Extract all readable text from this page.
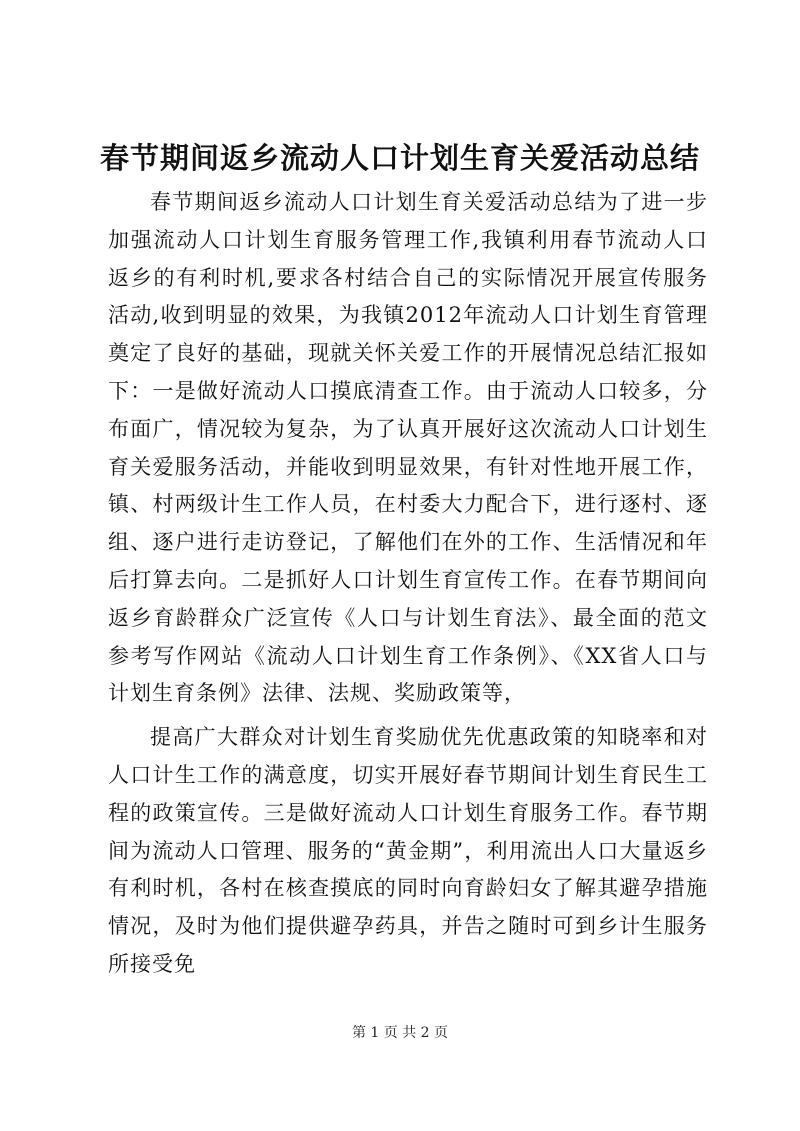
春节期间返乡流动人口计划生育关爱活动总结

春节期间返乡流动人口计划生育关爱活动总结为了进一步加强流动人口计划生育服务管理工作,我镇利用春节流动人口返乡的有利时机,要求各村结合自己的实际情况开展宣传服务活动,收到明显的效果，为我镇2012年流动人口计划生育管理奠定了良好的基础，现就关怀关爱工作的开展情况总结汇报如下：一是做好流动人口摸底清查工作。由于流动人口较多，分布面广，情况较为复杂，为了认真开展好这次流动人口计划生育关爱服务活动，并能收到明显效果，有针对性地开展工作，镇、村两级计生工作人员，在村委大力配合下，进行逐村、逐组、逐户进行走访登记，了解他们在外的工作、生活情况和年后打算去向。二是抓好人口计划生育宣传工作。在春节期间向返乡育龄群众广泛宣传《人口与计划生育法》、最全面的范文参考写作网站《流动人口计划生育工作条例》、《XX省人口与计划生育条例》法律、法规、奖励政策等，

提高广大群众对计划生育奖励优先优惠政策的知晓率和对人口计生工作的满意度，切实开展好春节期间计划生育民生工程的政策宣传。三是做好流动人口计划生育服务工作。春节期间为流动人口管理、服务的“黄金期”，利用流出人口大量返乡有利时机，各村在核查摸底的同时向育龄妇女了解其避孕措施情况，及时为他们提供避孕药具，并告之随时可到乡计生服务所接受免

第 1 页 共 2 页
